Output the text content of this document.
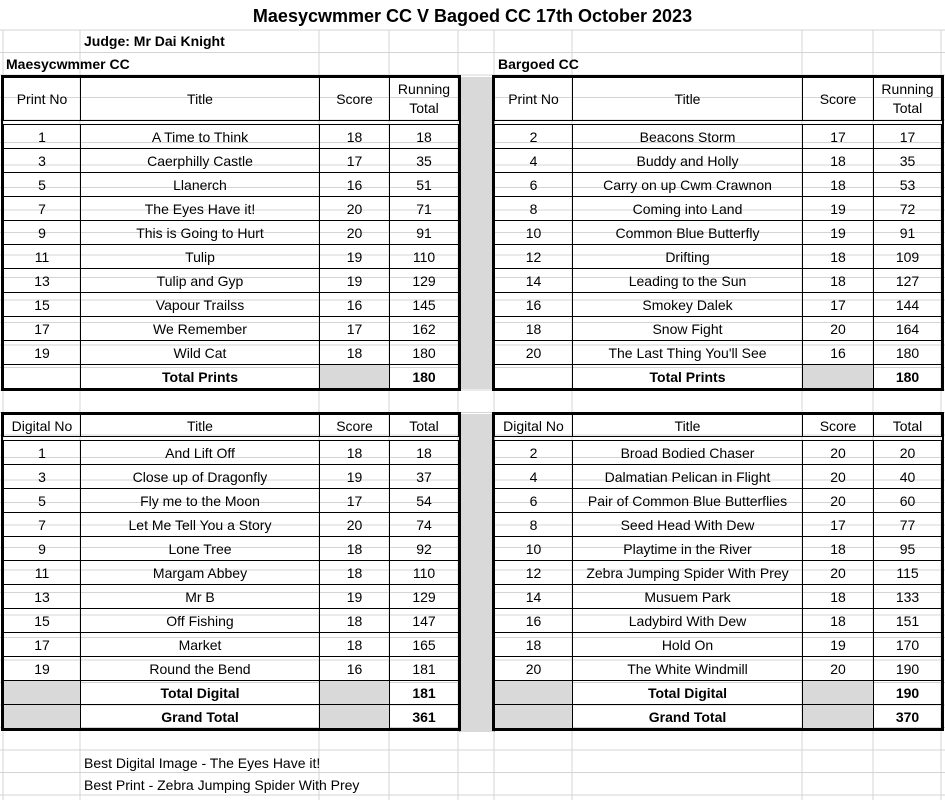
Maesycwmmer CC V Bagoed CC 17th October 2023
Judge: Mr Dai Knight
Maesycwmmer CC	Bargoed CC
Print No	Title	Score	Running
Total

1	A Time to Think	18	18
3	Caerphilly Castle	17	35
5	Llanerch	16	51
7	The Eyes Have it!	20	71
9	This is Going to Hurt	20	91
11	Tulip	19	110
13	Tulip and Gyp	19	129
15	Vapour Trailss	16	145
17	We Remember	17	162
19	Wild Cat	18	180
	Total Prints		180
Print No	Title	Score	Running
Total

2	Beacons Storm	17	17
4	Buddy and Holly	18	35
6	Carry on up Cwm Crawnon	18	53
8	Coming into Land	19	72
10	Common Blue Butterfly	19	91
12	Drifting	18	109
14	Leading to the Sun	18	127
16	Smokey Dalek	17	144
18	Snow Fight	20	164
20	The Last Thing You'll See	16	180
	Total Prints		180
Digital No	Title	Score	Total

1	And Lift Off	18	18
3	Close up of Dragonfly	19	37
5	Fly me to the Moon	17	54
7	Let Me Tell You a Story	20	74
9	Lone Tree	18	92
11	Margam Abbey	18	110
13	Mr B	19	129
15	Off Fishing	18	147
17	Market	18	165
19	Round the Bend	16	181
	Total Digital		181
	Grand Total		361
Digital No	Title	Score	Total

2	Broad Bodied Chaser	20	20
4	Dalmatian Pelican in Flight	20	40
6	Pair of Common Blue Butterflies	20	60
8	Seed Head With Dew	17	77
10	Playtime in the River	18	95
12	Zebra Jumping Spider With Prey	20	115
14	Musuem Park	18	133
16	Ladybird With Dew	18	151
18	Hold On	19	170
20	The White Windmill	20	190
	Total Digital		190
	Grand Total		370
Best Digital Image - The Eyes Have it!
Best Print - Zebra Jumping Spider With Prey
